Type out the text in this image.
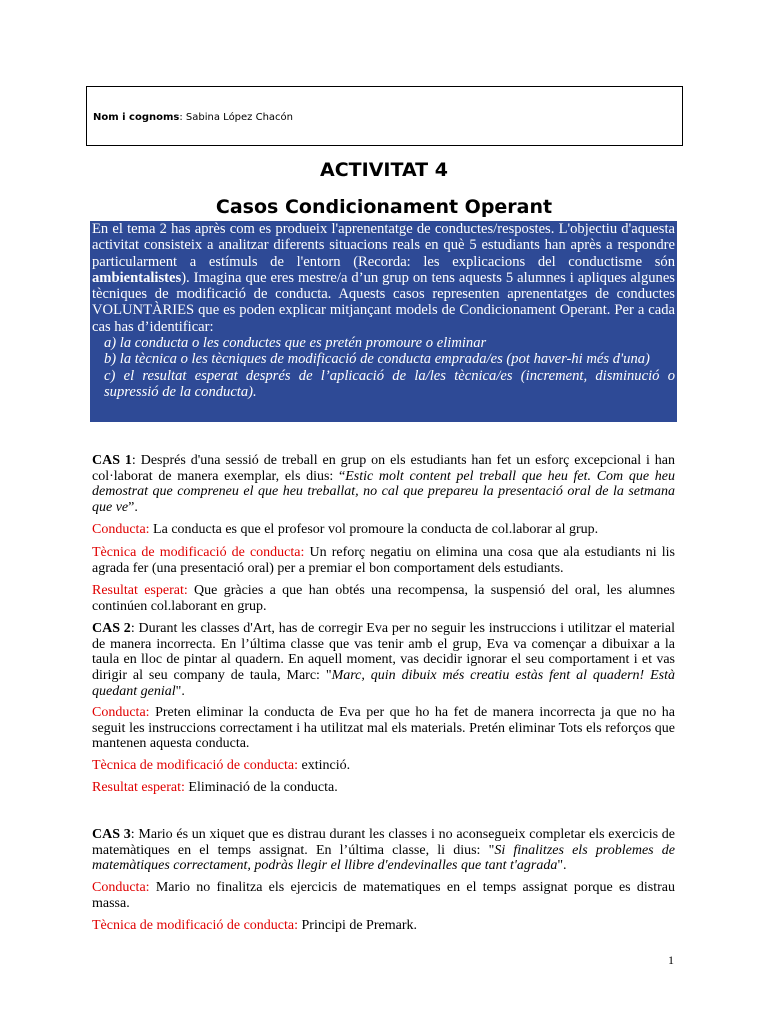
Nom i cognoms: Sabina López Chacón
ACTIVITAT 4
Casos Condicionament Operant

En el tema 2 has après com es produeix l'aprenentatge de conductes/respostes. L'objectiu d'aquesta activitat consisteix a analitzar diferents situacions reals en què 5 estudiants han après a respondre particularment a estímuls de l'entorn (Recorda: les explicacions del conductisme són ambientalistes). Imagina que eres mestre/a d’un grup on tens aquests 5 alumnes i apliques algunes tècniques de modificació de conducta. Aquests casos representen aprenentatges de conductes VOLUNTÀRIES que es poden explicar mitjançant models de Condicionament Operant. Per a cada cas has d’identificar:

a) la conducta o les conductes que es pretén promoure o eliminar

b) la tècnica o les tècniques de modificació de conducta emprada/es (pot haver-hi més d'una)

c) el resultat esperat després de l’aplicació de la/les tècnica/es (increment, disminució o supressió de la conducta).

CAS 1: Després d'una sessió de treball en grup on els estudiants han fet un esforç excepcional i han col·laborat de manera exemplar, els dius: “Estic molt content pel treball que heu fet. Com que heu demostrat que compreneu el que heu treballat, no cal que prepareu la presentació oral de la setmana que ve”.

Conducta: La conducta es que el profesor vol promoure la conducta de col.laborar al grup.

Tècnica de modificació de conducta: Un reforç negatiu on elimina una cosa que ala estudiants ni lis agrada fer (una presentació oral) per a premiar el bon comportament dels estudiants.

Resultat esperat: Que gràcies a que han obtés una recompensa, la suspensió del oral, les alumnes continúen col.laborant en grup.

CAS 2: Durant les classes d'Art, has de corregir Eva per no seguir les instruccions i utilitzar el material de manera incorrecta. En l’última classe que vas tenir amb el grup, Eva va començar a dibuixar a la taula en lloc de pintar al quadern. En aquell moment, vas decidir ignorar el seu comportament i et vas dirigir al seu company de taula, Marc: "Marc, quin dibuix més creatiu estàs fent al quadern! Està quedant genial".

Conducta: Preten eliminar la conducta de Eva per que ho ha fet de manera incorrecta ja que no ha seguit les instruccions correctament i ha utilitzat mal els materials. Pretén eliminar Tots els reforços que mantenen aquesta conducta.

Tècnica de modificació de conducta: extinció.

Resultat esperat: Eliminació de la conducta.

CAS 3: Mario és un xiquet que es distrau durant les classes i no aconsegueix completar els exercicis de matemàtiques en el temps assignat. En l’última classe, li dius: "Si finalitzes els problemes de matemàtiques correctament, podràs llegir el llibre d'endevinalles que tant t'agrada".

Conducta: Mario no finalitza els ejercicis de matematiques en el temps assignat porque es distrau massa.

Tècnica de modificació de conducta: Principi de Premark.

1
